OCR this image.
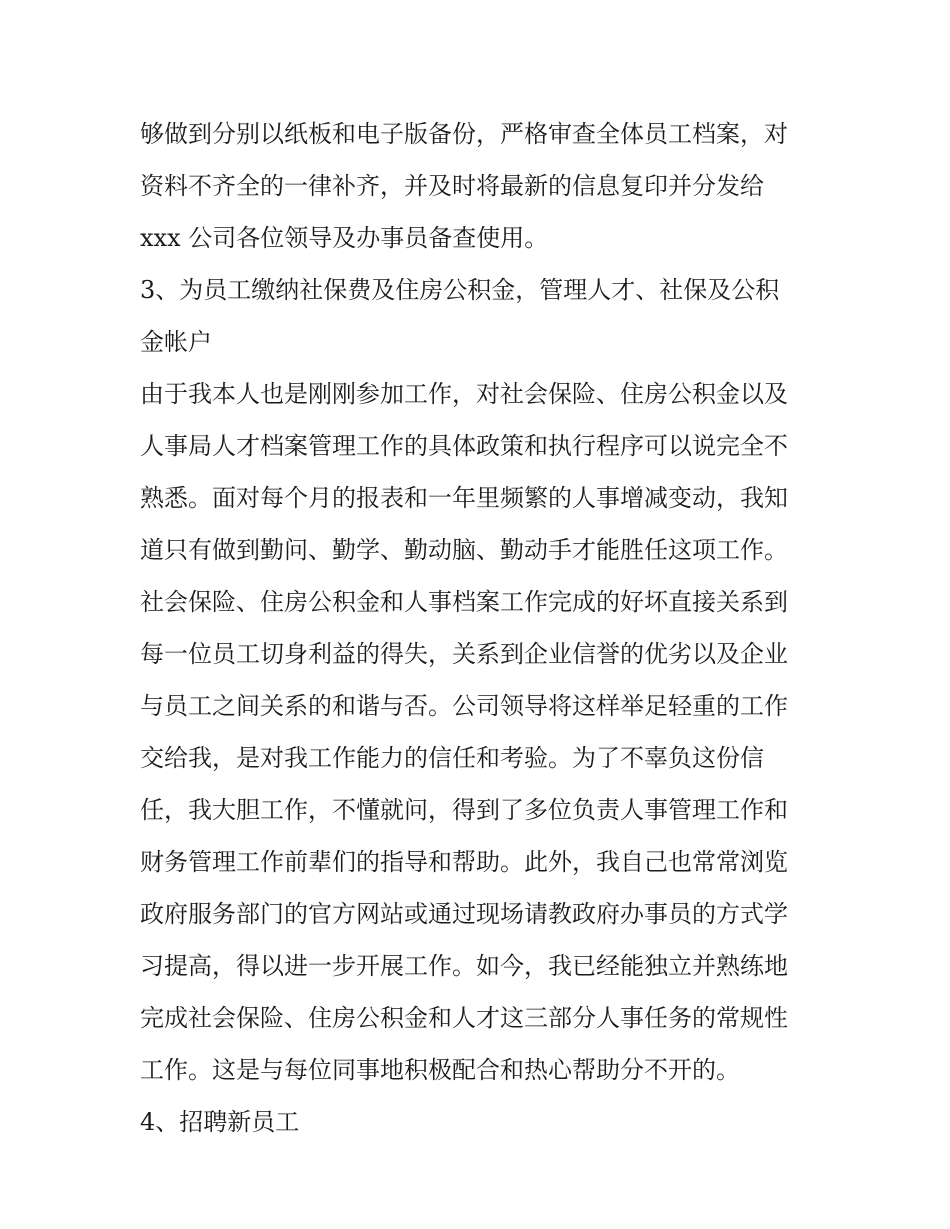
够做到分别以纸板和电子版备份，严格审查全体员工档案，对
资料不齐全的一律补齐，并及时将最新的信息复印并分发给
xxx 公司各位领导及办事员备查使用。
3、为员工缴纳社保费及住房公积金，管理人才、社保及公积
金帐户
由于我本人也是刚刚参加工作，对社会保险、住房公积金以及
人事局人才档案管理工作的具体政策和执行程序可以说完全不
熟悉。面对每个月的报表和一年里频繁的人事增减变动，我知
道只有做到勤问、勤学、勤动脑、勤动手才能胜任这项工作。
社会保险、住房公积金和人事档案工作完成的好坏直接关系到
每一位员工切身利益的得失，关系到企业信誉的优劣以及企业
与员工之间关系的和谐与否。公司领导将这样举足轻重的工作
交给我，是对我工作能力的信任和考验。为了不辜负这份信
任，我大胆工作，不懂就问，得到了多位负责人事管理工作和
财务管理工作前辈们的指导和帮助。此外，我自己也常常浏览
政府服务部门的官方网站或通过现场请教政府办事员的方式学
习提高，得以进一步开展工作。如今，我已经能独立并熟练地
完成社会保险、住房公积金和人才这三部分人事任务的常规性
工作。这是与每位同事地积极配合和热心帮助分不开的。
4、招聘新员工
